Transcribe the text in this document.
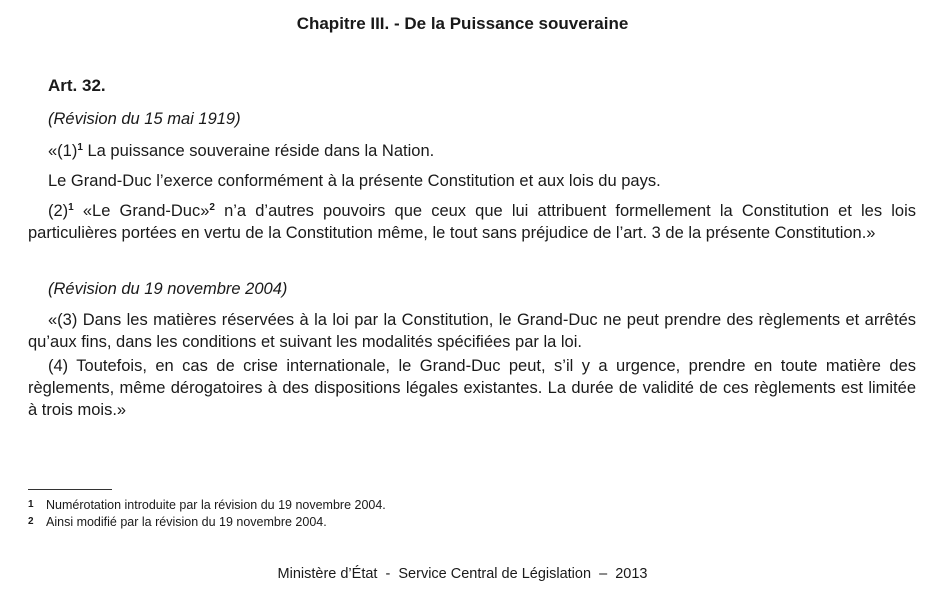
Chapitre III. - De la Puissance souveraine
Art. 32.
(Révision du 15 mai 1919)
«(1)$^1$ La puissance souveraine réside dans la Nation.
Le Grand-Duc l’exerce conformément à la présente Constitution et aux lois du pays.
(2)$^1$ «Le Grand-Duc»$^2$ n’a d’autres pouvoirs que ceux que lui attribuent formellement la Constitution et les lois particulières portées en vertu de la Constitution même, le tout sans préjudice de l’art. 3 de la présente Constitution.»
(Révision du 19 novembre 2004)
«(3) Dans les matières réservées à la loi par la Constitution, le Grand-Duc ne peut prendre des règlements et arrêtés qu’aux fins, dans les conditions et suivant les modalités spécifiées par la loi.
(4) Toutefois, en cas de crise internationale, le Grand-Duc peut, s’il y a urgence, prendre en toute matière des règlements, même dérogatoires à des dispositions légales existantes. La durée de validité de ces règlements est limitée à trois mois.»
1 Numérotation introduite par la révision du 19 novembre 2004.
2 Ainsi modifié par la révision du 19 novembre 2004.
Ministère d’État  -  Service Central de Législation  –  2013
